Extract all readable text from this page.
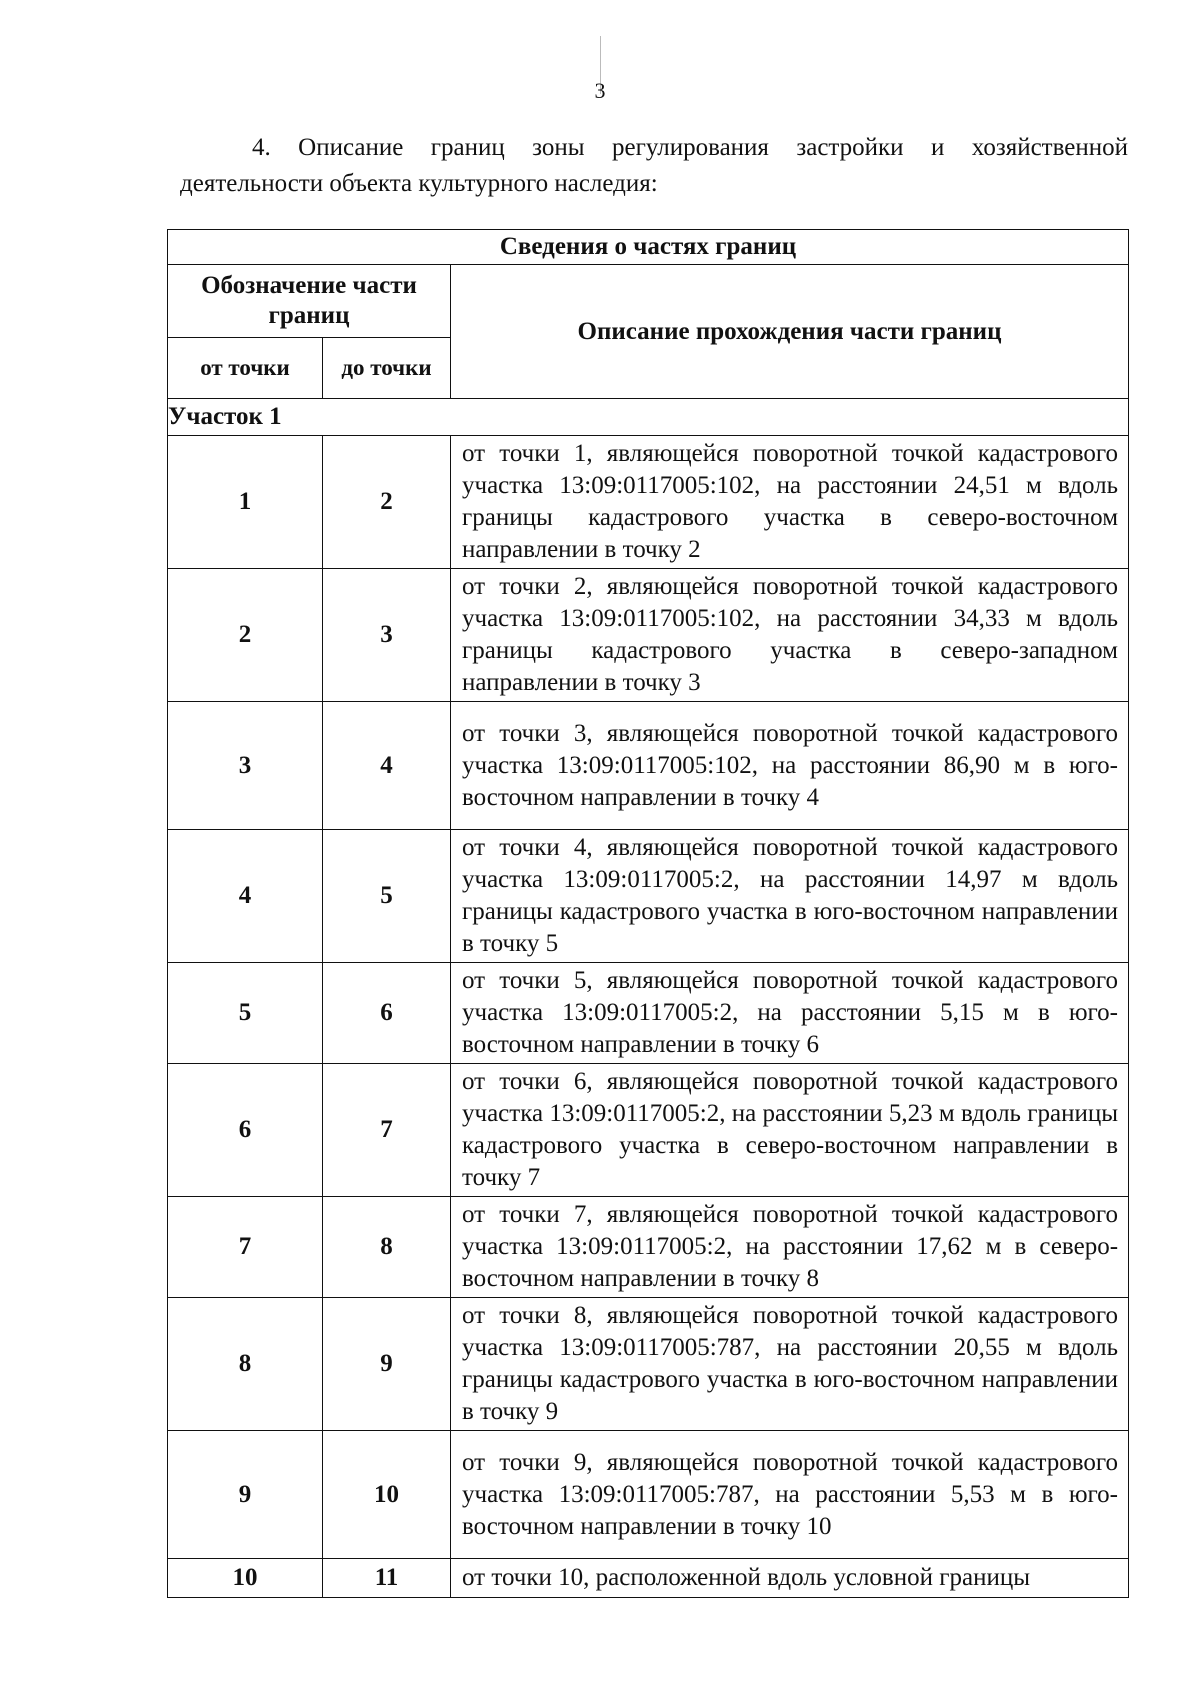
3
4. Описание границ зоны регулирования застройки и хозяйственной деятельности объекта культурного наследия:
Сведения о частях границ		
Обозначение части границ		Описание прохождения части границ
от точки	до точки	
Участок 1		
1	2	от точки 1, являющейся поворотной точкой кадастрового участка 13:09:0117005:102, на расстоянии 24,51 м вдоль границы кадастрового участка в северо-восточном направлении в точку 2
2	3	от точки 2, являющейся поворотной точкой кадастрового участка 13:09:0117005:102, на расстоянии 34,33 м вдоль границы кадастрового участка в северо-западном направлении в точку 3
3	4	от точки 3, являющейся поворотной точкой кадастрового участка 13:09:0117005:102, на расстоянии 86,90 м в юго-восточном направлении в точку 4
4	5	от точки 4, являющейся поворотной точкой кадастрового участка 13:09:0117005:2, на расстоянии 14,97 м вдоль границы кадастрового участка в юго-восточном направлении в точку 5
5	6	от точки 5, являющейся поворотной точкой кадастрового участка 13:09:0117005:2, на расстоянии 5,15 м в юго-восточном направлении в точку 6
6	7	от точки 6, являющейся поворотной точкой кадастрового участка 13:09:0117005:2, на расстоянии 5,23 м вдоль границы кадастрового участка в северо-восточном направлении в точку 7
7	8	от точки 7, являющейся поворотной точкой кадастрового участка 13:09:0117005:2, на расстоянии 17,62 м в северо-восточном направлении в точку 8
8	9	от точки 8, являющейся поворотной точкой кадастрового участка 13:09:0117005:787, на расстоянии 20,55 м вдоль границы кадастрового участка в юго-восточном направлении в точку 9
9	10	от точки 9, являющейся поворотной точкой кадастрового участка 13:09:0117005:787, на расстоянии 5,53 м в юго-восточном направлении в точку 10
10	11	от точки 10, расположенной вдоль условной границы
